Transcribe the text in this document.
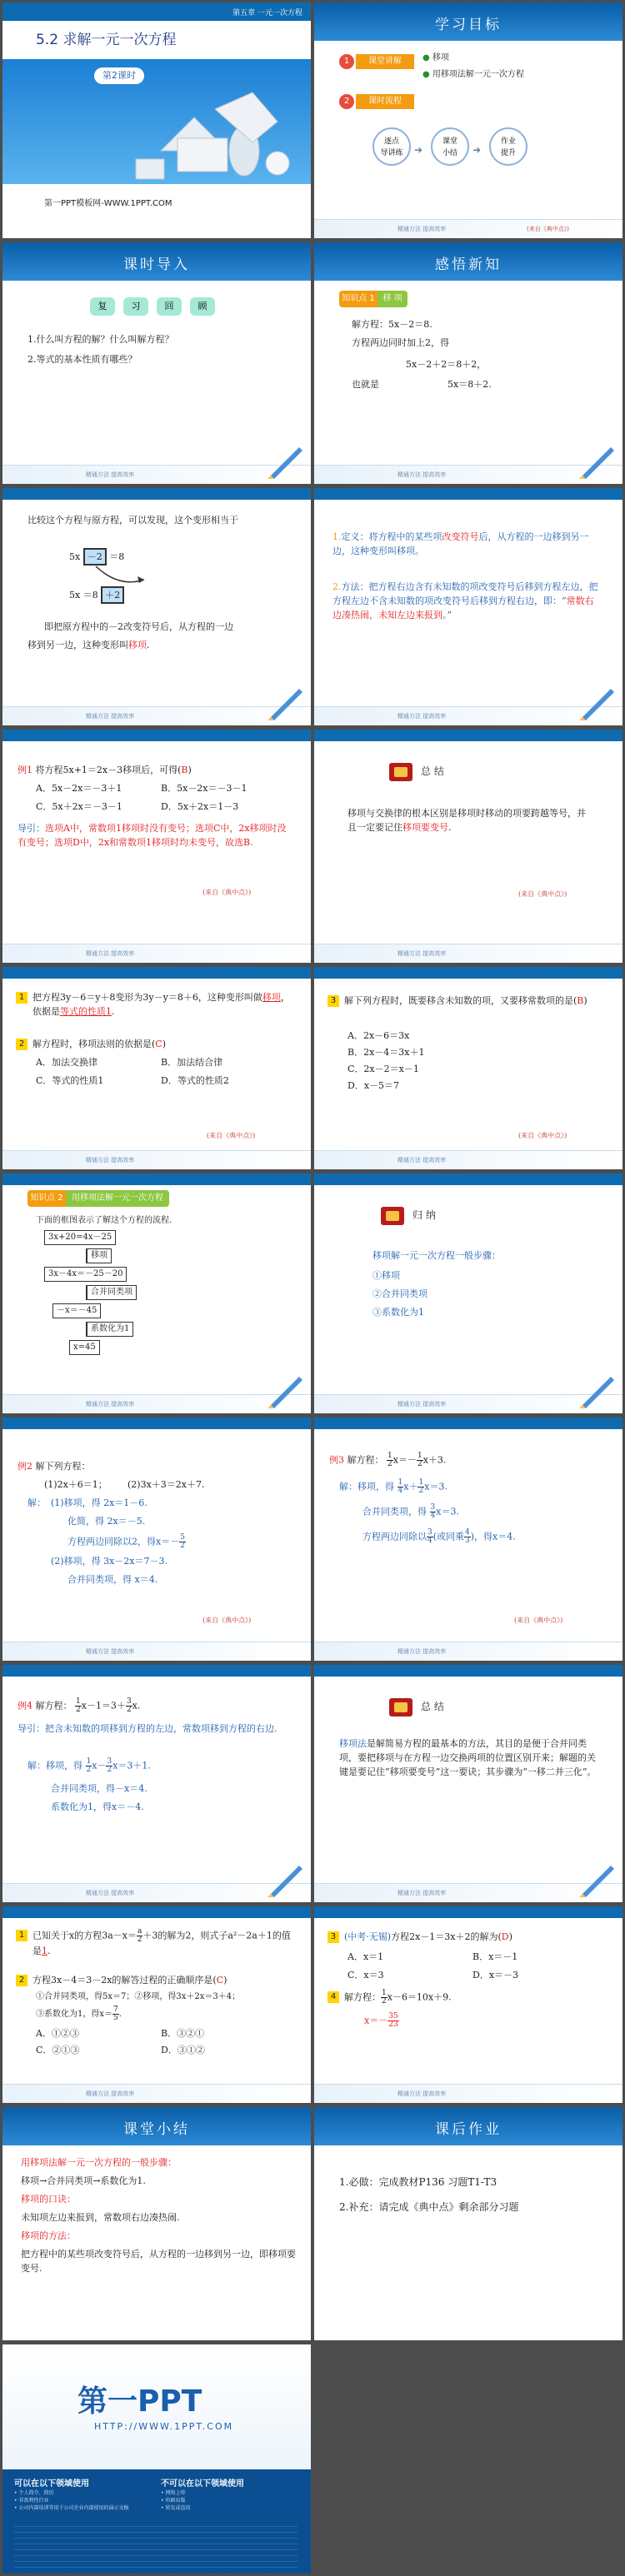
第五章 一元一次方程
5.2 求解一元一次方程
第2课时
第一PPT模板网-WWW.1PPT.COM
学习目标
1	课堂讲解	● 移项
● 用移项法解一元一次方程
2	课时流程
逐点
导讲练	➜
课堂
小结	➜
作业
提升
精通方法 提高效率	(来自《典中点》)
课时导入
复	习	回	顾
1.什么叫方程的解？什么叫解方程？
2.等式的基本性质有哪些？
精通方法 提高效率
感悟新知
知识点 1 移 项
解方程：5x－2＝8.
方程两边同时加上2，得
5x－2＋2＝8＋2，
也就是	5x＝8＋2.
精通方法 提高效率
比较这个方程与原方程，可以发现，这个变形相当于
5x －2 ＝8
5x ＝8 ＋2
即把原方程中的－2改变符号后，从方程的一边
移到另一边，这种变形叫移项.
精通方法 提高效率
1.定义：将方程中的某些项改变符号后，从方程的一边移到另一边，这种变形叫移项。
2.方法：把方程右边含有未知数的项改变符号后移到方程左边，把方程左边不含未知数的项改变符号后移到方程右边，即：“常数右边凑热闹，未知左边来报到。”
精通方法 提高效率
例1 将方程5x+1＝2x－3移项后，可得(B)
A．5x－2x＝－3＋1	B．5x－2x＝－3－1
C．5x＋2x＝－3－1	D．5x＋2x＝1－3
导引：选项A中，常数项1移项时没有变号；选项C中，2x移项时没有变号；选项D中，2x和常数项1移项时均未变号，故选B.
(来自《典中点》)
精通方法 提高效率
总 结
移项与交换律的根本区别是移项时移动的项要跨越等号，并且一定要记住移项要变号.
(来自《典中点》)
精通方法 提高效率
1 把方程3y－6＝y＋8变形为3y－y＝8＋6，这种变形叫做移项，依据是等式的性质1.
2 解方程时，移项法则的依据是(C)
A．加法交换律	B．加法结合律
C．等式的性质1	D．等式的性质2
(来自《典中点》)
精通方法 提高效率
3 解下列方程时，既要移含未知数的项，又要移常数项的是(B)
A．2x－6＝3x
B．2x－4＝3x＋1
C．2x－2＝x－1
D．x－5＝7
(来自《典中点》)
精通方法 提高效率
知识点 2	用移项法解一元一次方程
下面的框图表示了解这个方程的流程.
3x+20=4x－25
移项
3x－4x＝－25－20
合并同类项
－x＝－45
系数化为1
x=45
精通方法 提高效率
归 纳
移项解一元一次方程一般步骤：
①移项
②合并同类项
③系数化为1
精通方法 提高效率
例2 解下列方程：
(1)2x＋6＝1； (2)3x＋3＝2x＋7.
解： (1)移项，得 2x＝1－6.
化简，得 2x＝－5.
方程两边同除以2，得$x=- \frac{5}{2}$
(2)移项，得 3x－2x＝7－3.
合并同类项，得 x＝4.
(来自《典中点》)
精通方法 提高效率
例3 解方程： $\frac{1}{2} x=- \frac{1}{2} x+3$.
解：移项，得 $\frac{1}{4} x+ \frac{1}{2} x=3$.
合并同类项，得 $\frac{3}{4} x=3$.
方程两边同除以 $\frac{3}{4}$ (或同乘 $\frac{4}{3}$ )，得x＝4.
(来自《典中点》)
精通方法 提高效率
例4 解方程： $\frac{1}{2} x-1=3+ \frac{3}{2} x$.
导引：把含未知数的项移到方程的左边，常数项移到方程的右边.
解：移项，得 $\frac{1}{2} x- \frac{3}{2} x=3+1$.
合并同类项，得－x＝4.
系数化为1，得x＝－4.
精通方法 提高效率
总 结
移项法是解简易方程的最基本的方法，其目的是便于合并同类项，要把移项与在方程一边交换两项的位置区别开来；解题的关键是要记住“移项要变号”这一要诀；其步骤为“一移二并三化”。
精通方法 提高效率
1 已知关于x的方程$3a-x= \frac{a}{2} +3$的解为2，则式子a²－2a＋1的值是1.
2 方程3x－4＝3－2x的解答过程的正确顺序是(C)
①合并同类项，得5x＝7；②移项，得3x＋2x＝3＋4；
③系数化为1，得$x= \frac{7}{5}$ .
A．①②③	B．③②①
C．②①③	D．③①②
精通方法 提高效率
3 (中考·无锡)方程2x－1＝3x＋2的解为(D)
A．x＝1	B．x＝－1
C．x＝3	D．x＝－3
4 解方程： $\frac{1}{2} x-6=10x+9$.
$x=- \frac{35}{23}$
精通方法 提高效率
课堂小结
用移项法解一元一次方程的一般步骤：
移项→合并同类项→系数化为1.
移项的口诀：
未知项左边来报到，常数项右边凑热闹.
移项的方法：
把方程中的某些项改变符号后，从方程的一边移到另一边，即移项要变号.
课后作业
1.必做：完成教材P136 习题T1-T3
2.补充：请完成《典中点》剩余部分习题
第一PPT
HTTP://WWW.1PPT.COM
可以在以下领域使用
• 个人简介、简历
• 非盈利性行业
• 公司内部培训等用于公司企业内部使用的演示文稿
不可以在以下领域使用
• 网络上传
• 印刷出版
• 转发或盗用
